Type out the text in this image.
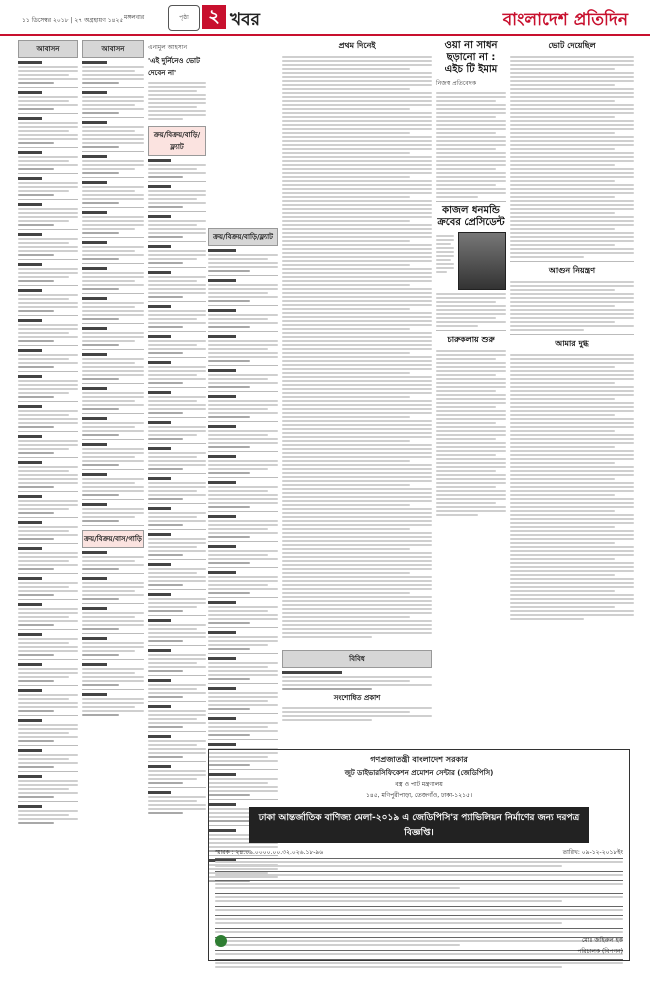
১১ ডিসেম্বর ২০১৮ | ২৭ অগ্রহায়ণ ১৪২৫ মঙ্গলবার	পৃষ্ঠা	২ খবর	বাংলাদেশ প্রতিদিন
আবাসন	আবাসন
ক্রয়/বিক্রয়/বাস/গাড়ি
এনামুল আহসান
'এই দুর্নিনেও ভোট দেবেন না'
ক্রয়/বিক্রয়/বাড়ি/ফ্ল্যাট
ক্রয়/বিক্রয়/বাড়ি/ফ্ল্যাট
প্রথম দিনেই	ওয়া না সাধন ছড়ানো না : এইচ টি ইমাম
নিজস্ব প্রতিবেদক
কাজল ধনমন্ডি ক্রবের প্রেসিডেন্ট
চারুকলায় শুরু
ভোট দেয়েছিল
আগুন নিয়ন্ত্রণ
আমার দুগ্ধ
বিবিধ
সংশোধিত প্রকাশ
গণপ্রজাতন্ত্রী বাংলাদেশ সরকার
জুট ডাইভারসিফিকেশন প্রমোশন সেন্টার (জেডিপিসি)
বস্ত্র ও পাট মন্ত্রণালয়
১৪৫, মণিপুরীপাড়া, তেজগাঁও, ঢাকা-১২১৫।
ঢাকা আন্তর্জাতিক বাণিজ্য মেলা-২০১৯ এ জেডিপিসি'র প্যাভিলিয়ন নির্মাণের জন্য দরপত্র বিজ্ঞপ্তি।
স্মারক : ২৪.০৯.০০০০.০০.৩২.০২৬.১৮-৯৬	তারিখ: ০৯-১২-২০১৮ইং
মোঃ জহিরুল হক
পরিচালক (বিপণন)
